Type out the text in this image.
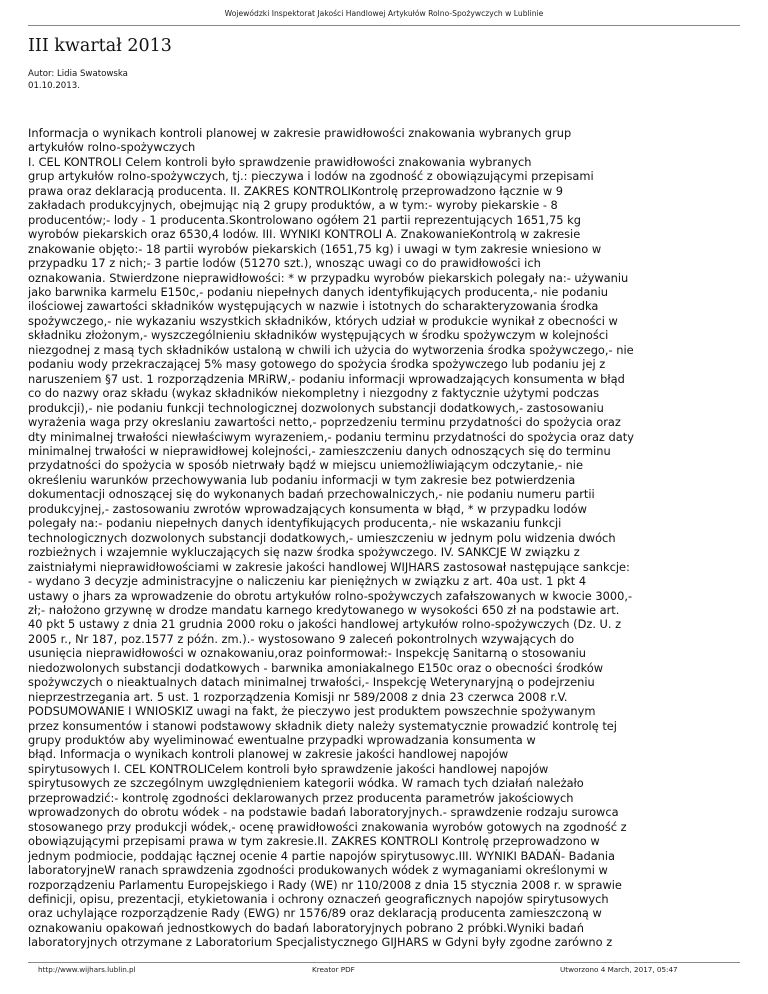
Wojewódzki Inspektorat Jakości Handlowej Artykułów Rolno-Spożywczych w Lublinie
III kwartał 2013
Autor: Lidia Swatowska
01.10.2013.
Informacja o wynikach kontroli planowej w zakresie prawidłowości znakowania wybranych grup
artykułów rolno-spożywczych
I. CEL KONTROLI Celem kontroli było sprawdzenie prawidłowości znakowania wybranych
grup artykułów rolno-spożywczych, tj.: pieczywa i lodów na zgodność z obowiązującymi przepisami
prawa oraz deklaracją producenta. II. ZAKRES KONTROLIKontrolę przeprowadzono łącznie w 9
zakładach produkcyjnych, obejmując nią 2 grupy produktów, a w tym:- wyroby piekarskie - 8
producentów;- lody - 1 producenta.Skontrolowano ogółem 21 partii reprezentujących 1651,75 kg
wyrobów piekarskich oraz 6530,4 lodów. III. WYNIKI KONTROLI A. ZnakowanieKontrolą w zakresie
znakowanie objęto:- 18 partii wyrobów piekarskich (1651,75 kg) i uwagi w tym zakresie wniesiono w
przypadku 17 z nich;- 3 partie lodów (51270 szt.), wnosząc uwagi co do prawidłowości ich
oznakowania. Stwierdzone nieprawidłowości: * w przypadku wyrobów piekarskich polegały na:- używaniu
jako barwnika karmelu E150c,- podaniu niepełnych danych identyfikujących producenta,- nie podaniu
ilościowej zawartości składników występujących w nazwie i istotnych do scharakteryzowania środka
spożywczego,- nie wykazaniu wszystkich składników, których udział w produkcie wynikał z obecności w
składniku złożonym,- wyszczególnieniu składników występujących w środku spożywczym w kolejności
niezgodnej z masą tych składników ustaloną w chwili ich użycia do wytworzenia środka spożywczego,- nie
podaniu wody przekraczającej 5% masy gotowego do spożycia środka spożywczego lub podaniu jej z
naruszeniem §7 ust. 1 rozporządzenia MRiRW,- podaniu informacji wprowadzających konsumenta w błąd
co do nazwy oraz składu (wykaz składników niekompletny i niezgodny z faktycznie użytymi podczas
produkcji),- nie podaniu funkcji technologicznej dozwolonych substancji dodatkowych,- zastosowaniu
wyrażenia waga przy okreslaniu zawartości netto,- poprzedzeniu terminu przydatności do spożycia oraz
dty minimalnej trwałości niewłaściwym wyrazeniem,- podaniu terminu przydatności do spożycia oraz daty
minimalnej trwałości w nieprawidłowej kolejności,- zamieszczeniu danych odnoszących się do terminu
przydatności do spożycia w sposób nietrwały bądź w miejscu uniemożliwiającym odczytanie,- nie
określeniu warunków przechowywania lub podaniu informacji w tym zakresie bez potwierdzenia
dokumentacji odnoszącej się do wykonanych badań przechowalniczych,- nie podaniu numeru partii
produkcyjnej,- zastosowaniu zwrotów wprowadzających konsumenta w błąd, * w przypadku lodów
polegały na:- podaniu niepełnych danych identyfikujących producenta,- nie wskazaniu funkcji
technologicznych dozwolonych substancji dodatkowych,- umieszczeniu w jednym polu widzenia dwóch
rozbieżnych i wzajemnie wykluczających się nazw środka spożywczego. IV. SANKCJE W związku z
zaistniałymi nieprawidłowościami w zakresie jakości handlowej WIJHARS zastosował następujące sankcje:
- wydano 3 decyzje administracyjne o naliczeniu kar pieniężnych w związku z art. 40a ust. 1 pkt 4
ustawy o jhars za wprowadzenie do obrotu artykułów rolno-spożywczych zafałszowanych w kwocie 3000,-
zł;- nałożono grzywnę w drodze mandatu karnego kredytowanego w wysokości 650 zł na podstawie art.
40 pkt 5 ustawy z dnia 21 grudnia 2000 roku o jakości handlowej artykułów rolno-spożywczych (Dz. U. z
2005 r., Nr 187, poz.1577 z późn. zm.).- wystosowano 9 zaleceń pokontrolnych wzywających do
usunięcia nieprawidłowości w oznakowaniu,oraz poinformował:- Inspekcję Sanitarną o stosowaniu
niedozwolonych substancji dodatkowych - barwnika amoniakalnego E150c oraz o obecności środków
spożywczych o nieaktualnych datach minimalnej trwałości,- Inspekcję Weterynaryjną o podejrzeniu
nieprzestrzegania art. 5 ust. 1 rozporządzenia Komisji nr 589/2008 z dnia 23 czerwca 2008 r.V.
PODSUMOWANIE I WNIOSKIZ uwagi na fakt, że pieczywo jest produktem powszechnie spożywanym
przez konsumentów i stanowi podstawowy składnik diety należy systematycznie prowadzić kontrolę tej
grupy produktów aby wyeliminować ewentualne przypadki wprowadzania konsumenta w
błąd. Informacja o wynikach kontroli planowej w zakresie jakości handlowej napojów
spirytusowych I. CEL KONTROLICelem kontroli było sprawdzenie jakości handlowej napojów
spirytusowych ze szczególnym uwzględnieniem kategorii wódka. W ramach tych działań należało
przeprowadzić:- kontrolę zgodności deklarowanych przez producenta parametrów jakościowych
wprowadzonych do obrotu wódek - na podstawie badań laboratoryjnych.- sprawdzenie rodzaju surowca
stosowanego przy produkcji wódek,- ocenę prawidłowości znakowania wyrobów gotowych na zgodność z
obowiązującymi przepisami prawa w tym zakresie.II. ZAKRES KONTROLI Kontrolę przeprowadzono w
jednym podmiocie, poddając łącznej ocenie 4 partie napojów spirytusowyc.III. WYNIKI BADAŃ- Badania
laboratoryjneW ranach sprawdzenia zgodności produkowanych wódek z wymaganiami określonymi w
rozporządzeniu Parlamentu Europejskiego i Rady (WE) nr 110/2008 z dnia 15 stycznia 2008 r. w sprawie
definicji, opisu, prezentacji, etykietowania i ochrony oznaczeń geograficznych napojów spirytusowych
oraz uchylające rozporządzenie Rady (EWG) nr 1576/89 oraz deklaracją producenta zamieszczoną w
oznakowaniu opakowań jednostkowych do badań laboratoryjnych pobrano 2 próbki.Wyniki badań
laboratoryjnych otrzymane z Laboratorium Specjalistycznego GIJHARS w Gdyni były zgodne zarówno z
http://www.wijhars.lublin.pl	Kreator PDF	Utworzono 4 March, 2017, 05:47
